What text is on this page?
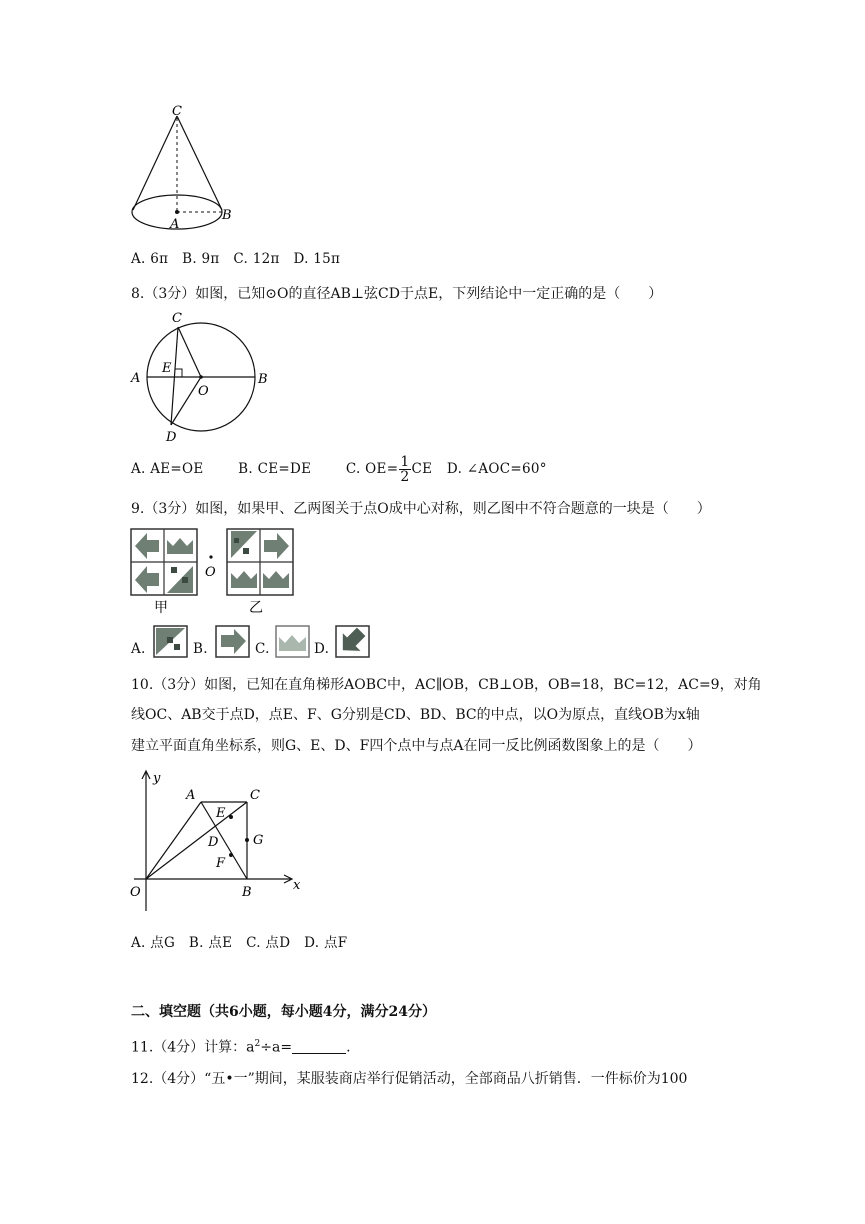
C
A
B
A. 6π　B. 9π　C. 12π　D. 15π
8.（3分）如图，已知⊙O的直径AB⊥弦CD于点E，下列结论中一定正确的是（　　）
C
A
E
O
B
D
A. AE=OE	B. CE=DE	C. $OE= \frac{1}{2}$ CE D. ∠AOC=60°
9.（3分）如图，如果甲、乙两图关于点O成中心对称，则乙图中不符合题意的一块是（　　）
O
甲	乙
A.	B.	C.	D.
10.（3分）如图，已知在直角梯形AOBC中，AC∥OB，CB⊥OB，OB=18，BC=12，AC=9，对角
线OC、AB交于点D，点E、F、G分别是CD、BD、BC的中点，以O为原点，直线OB为x轴
建立平面直角坐标系，则G、E、D、F四个点中与点A在同一反比例函数图象上的是（　　）
y
A	C
E
G
D
F
O	B	x
A. 点G　B. 点E　C. 点D　D. 点F
二、填空题（共6小题，每小题4分，满分24分）
11.（4分）计算：$a^2\div a=$	.
12.（4分）“五•一”期间，某服装商店举行促销活动，全部商品八折销售．一件标价为100
